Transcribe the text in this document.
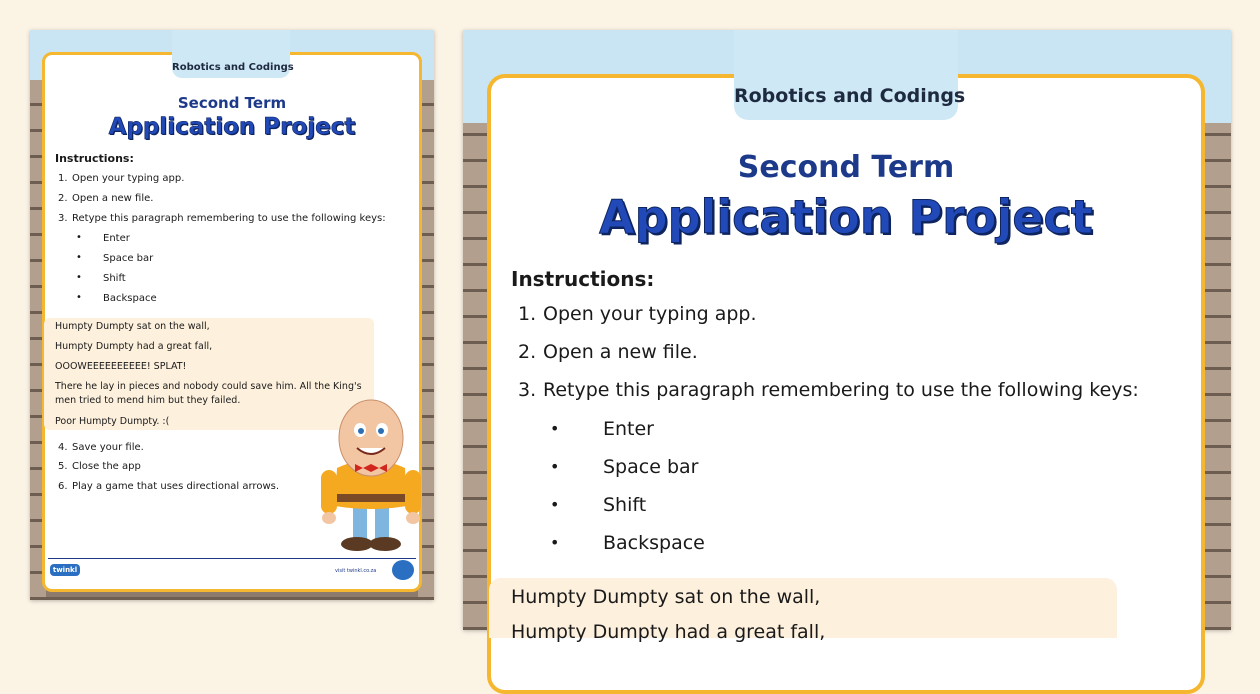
Robotics and Codings
Second Term
Application Project
Instructions:
1. Open your typing app.
2. Open a new file.
3. Retype this paragraph remembering to use the following keys:
• Enter
• Space bar
• Shift
• Backspace
Humpty Dumpty sat on the wall,
Humpty Dumpty had a great fall,
OOOWEEEEEEEEEE! SPLAT!
There he lay in pieces and nobody could save him. All the King's
men tried to mend him but they failed.
Poor Humpty Dumpty. :(
4. Save your file.
5. Close the app
6. Play a game that uses directional arrows.
twinkl	visit twinkl.co.za
Robotics and Codings
Second Term
Application Project
Instructions:
1. Open your typing app.
2. Open a new file.
3. Retype this paragraph remembering to use the following keys:
• Enter
• Space bar
• Shift
• Backspace
Humpty Dumpty sat on the wall,
Humpty Dumpty had a great fall,
